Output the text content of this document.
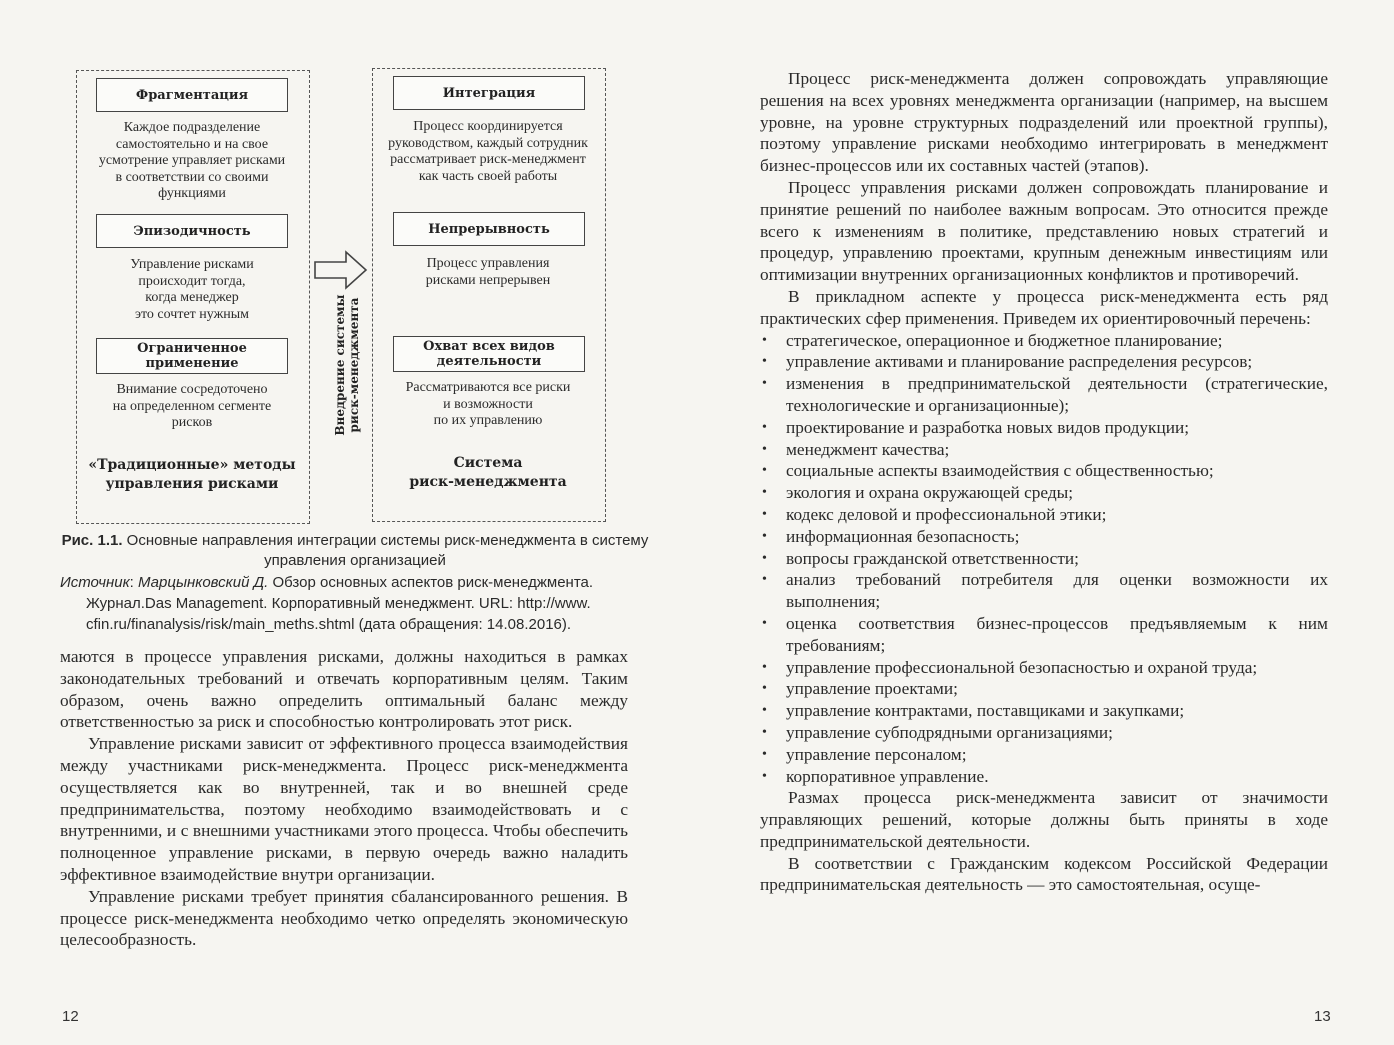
Фрагментация
Каждое подразделение
самостоятельно и на свое
усмотрение управляет рисками
в соответствии со своими
функциями
Эпизодичность
Управление рисками
происходит тогда,
когда менеджер
это сочтет нужным
Ограниченное применение
Внимание сосредоточено
на определенном сегменте
рисков
«Традиционные» методы
управления рисками
Внедрение системы
риск-менеджмента
Интеграция
Процесс координируется
руководством, каждый сотрудник
рассматривает риск-менеджмент
как часть своей работы
Непрерывность
Процесс управления
рисками непрерывен
Охват всех видов
деятельности
Рассматриваются все риски
и возможности
по их управлению
Система
риск-менеджмента
Рис. 1.1. Основные направления интеграции системы риск-менеджмента в систему управления организацией
Источник: Марцынковский Д. Обзор основных аспектов риск-менеджмента.
Журнал.Das Management. Корпоративный менеджмент. URL: http://www.
cfin.ru/finanalysis/risk/main_meths.shtml (дата обращения: 14.08.2016).

маются в процессе управления рисками, должны находиться в рамках законодательных требований и отвечать корпоративным целям. Таким образом, очень важно определить оптимальный баланс между ответственностью за риск и способностью контролировать этот риск.

Управление рисками зависит от эффективного процесса взаимодействия между участниками риск-менеджмента. Процесс риск-менеджмента осуществляется как во внутренней, так и во внешней среде предпринимательства, поэтому необходимо взаимодействовать и с внутренними, и с внешними участниками этого процесса. Чтобы обеспечить полноценное управление рисками, в первую очередь важно наладить эффективное взаимодействие внутри организации.

Управление рисками требует принятия сбалансированного решения. В процессе риск-менеджмента необходимо четко определять экономическую целесообразность.

12

Процесс риск-менеджмента должен сопровождать управляющие решения на всех уровнях менеджмента организации (например, на высшем уровне, на уровне структурных подразделений или проектной группы), поэтому управление рисками необходимо интегрировать в менеджмент бизнес-процессов или их составных частей (этапов).

Процесс управления рисками должен сопровождать планирование и принятие решений по наиболее важным вопросам. Это относится прежде всего к изменениям в политике, представлению новых стратегий и процедур, управлению проектами, крупным денежным инвестициям или оптимизации внутренних организационных конфликтов и противоречий.

В прикладном аспекте у процесса риск-менеджмента есть ряд практических сфер применения. Приведем их ориентировочный перечень:

• стратегическое, операционное и бюджетное планирование;
• управление активами и планирование распределения ресурсов;
• изменения в предпринимательской деятельности (стратегические, технологические и организационные);
• проектирование и разработка новых видов продукции;
• менеджмент качества;
• социальные аспекты взаимодействия с общественностью;
• экология и охрана окружающей среды;
• кодекс деловой и профессиональной этики;
• информационная безопасность;
• вопросы гражданской ответственности;
• анализ требований потребителя для оценки возможности их выполнения;
• оценка соответствия бизнес-процессов предъявляемым к ним требованиям;
• управление профессиональной безопасностью и охраной труда;
• управление проектами;
• управление контрактами, поставщиками и закупками;
• управление субподрядными организациями;
• управление персоналом;
• корпоративное управление.

Размах процесса риск-менеджмента зависит от значимости управляющих решений, которые должны быть приняты в ходе предпринимательской деятельности.

В соответствии с Гражданским кодексом Российской Федерации предпринимательская деятельность — это самостоятельная, осуще-

13
